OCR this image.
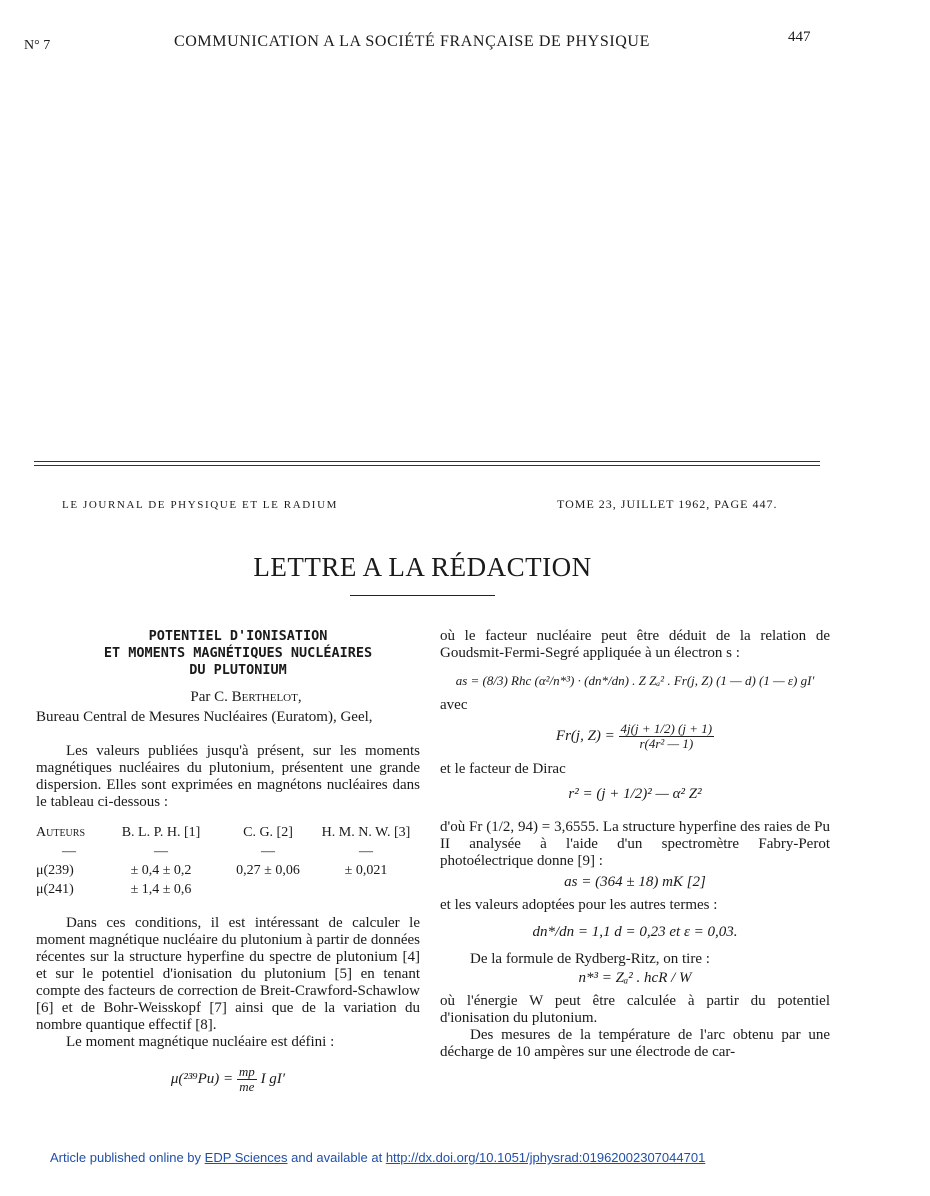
N° 7	COMMUNICATION A LA SOCIÉTÉ FRANÇAISE DE PHYSIQUE	447
LE JOURNAL DE PHYSIQUE ET LE RADIUM	TOME 23, JUILLET 1962, PAGE 447.
LETTRE A LA RÉDACTION
POTENTIEL D'IONISATION
ET MOMENTS MAGNÉTIQUES NUCLÉAIRES
DU PLUTONIUM
Par C. Berthelot,
Bureau Central de Mesures Nucléaires (Euratom), Geel,

Les valeurs publiées jusqu'à présent, sur les moments magnétiques nucléaires du plutonium, présentent une grande dispersion. Elles sont exprimées en magnétons nucléaires dans le tableau ci-dessous :

Auteurs	B. L. P. H. [1]	C. G. [2]	H. M. N. W. [3]
—	—	—	—
μ(239)	± 0,4 ± 0,2	0,27 ± 0,06	± 0,021
μ(241)	± 1,4 ± 0,6		

Dans ces conditions, il est intéressant de calculer le moment magnétique nucléaire du plutonium à partir de données récentes sur la structure hyperfine du spectre de plutonium [4] et sur le potentiel d'ionisation du plutonium [5] en tenant compte des facteurs de correction de Breit-Crawford-Schawlow [6] et de Bohr-Weisskopf [7] ainsi que de la variation du nombre quantique effectif [8].

Le moment magnétique nucléaire est défini :

$\mu(^{239}Pu) = \frac{mp}{me}$ I gI′

où le facteur nucléaire peut être déduit de la relation de Goudsmit-Fermi-Segré appliquée à un électron s :

as = (8/3) Rhc (α²/n*³) · (dn*/dn) . Z Zₐ² . Fr(j, Z) (1 — d) (1 — ε) gI′
avec
Fr(j, $Z) = \frac{4j(j + 1/2) (j + 1)}{\text{r(4r² — 1)}}$
et le facteur de Dirac
r² = (j + 1/2)² — α² Z²

d'où Fr (1/2, 94) = 3,6555. La structure hyperfine des raies de Pu II analysée à l'aide d'un spectromètre Fabry-Perot photoélectrique donne [9] :

as = (364 ± 18) mK [2]

et les valeurs adoptées pour les autres termes :

dn*/dn = 1,1 d = 0,23 et ε = 0,03.

De la formule de Rydberg-Ritz, on tire :

n*³ = Zₐ² . hcR / W

où l'énergie W peut être calculée à partir du potentiel d'ionisation du plutonium.

Des mesures de la température de l'arc obtenu par une décharge de 10 ampères sur une électrode de car-

Article published online by EDP Sciences and available at http://dx.doi.org/10.1051/jphysrad:01962002307044701
